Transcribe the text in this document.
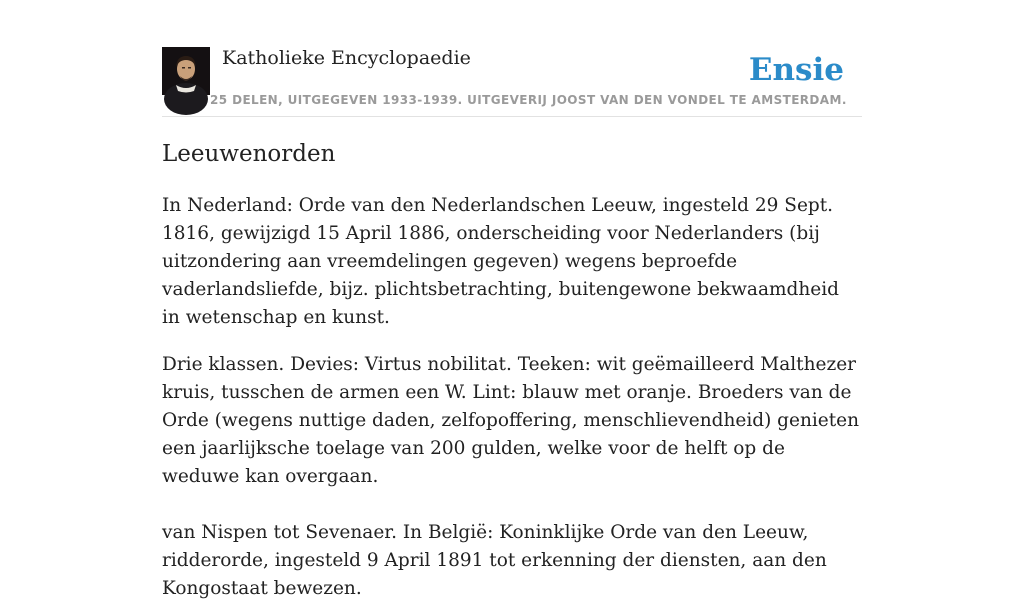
Katholieke Encyclopaedie
25 DELEN, UITGEGEVEN 1933-1939. UITGEVERIJ JOOST VAN DEN VONDEL TE AMSTERDAM.
Ensie
Leeuwenorden

In Nederland: Orde van den Nederlandschen Leeuw, ingesteld 29 Sept. 1816, gewijzigd 15 April 1886, onderscheiding voor Nederlanders (bij uitzondering aan vreemdelingen gegeven) wegens beproefde vaderlandsliefde, bijz. plichtsbetrachting, buitengewone bekwaamdheid in wetenschap en kunst.

Drie klassen. Devies: Virtus nobilitat. Teeken: wit geëmailleerd Malthezer kruis, tusschen de armen een W. Lint: blauw met oranje. Broeders van de Orde (wegens nuttige daden, zelfopoffering, menschlievendheid) genieten een jaarlijksche toelage van 200 gulden, welke voor de helft op de weduwe kan overgaan.

van Nispen tot Sevenaer. In België: Koninklijke Orde van den Leeuw, ridderorde, ingesteld 9 April 1891 tot erkenning der diensten, aan den Kongostaat bewezen.
